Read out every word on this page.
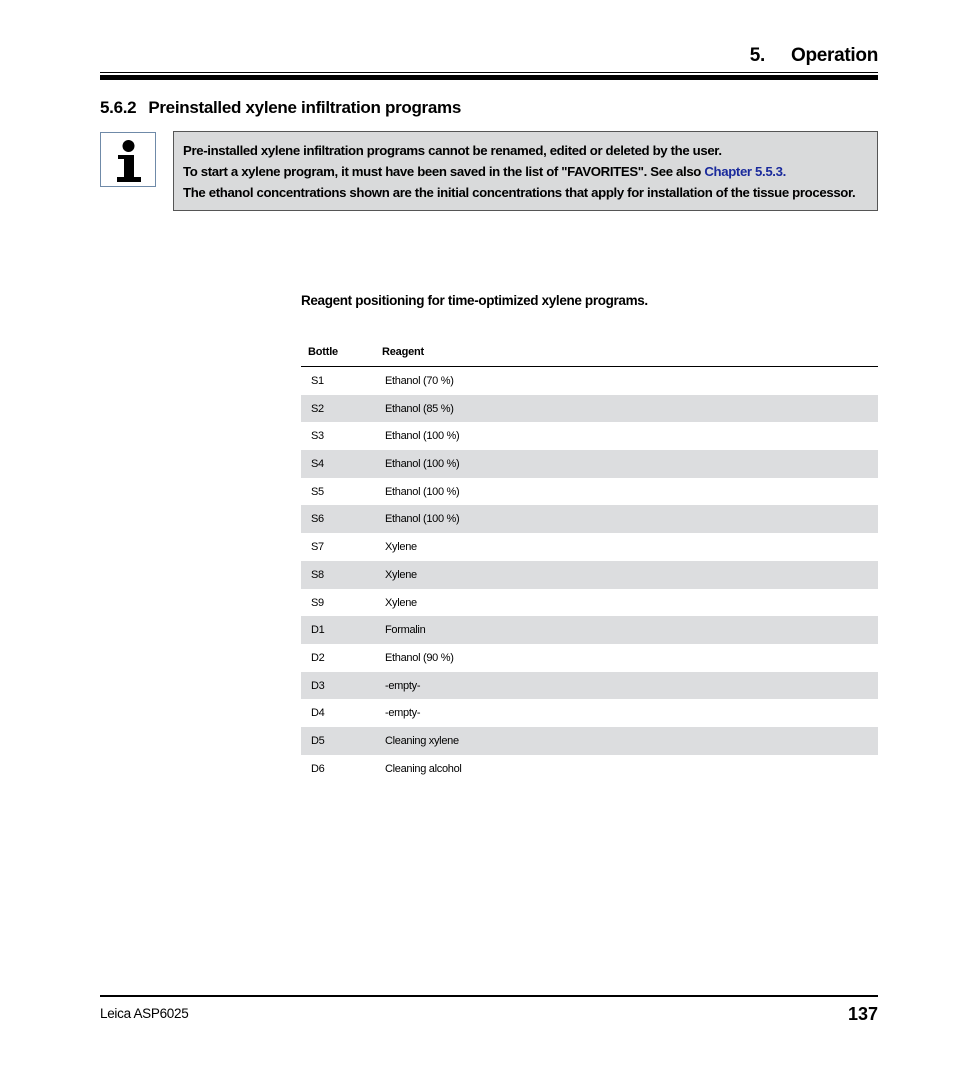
5. Operation
5.6.2 Preinstalled xylene infiltration programs
Pre-installed xylene infiltration programs cannot be renamed, edited or deleted by the user.
To start a xylene program, it must have been saved in the list of "FAVORITES". See also Chapter 5.5.3.
The ethanol concentrations shown are the initial concentrations that apply for installation of the tissue processor.
Reagent positioning for time-optimized xylene programs.
Bottle	Reagent
S1	Ethanol (70 %)
S2	Ethanol (85 %)
S3	Ethanol (100 %)
S4	Ethanol (100 %)
S5	Ethanol (100 %)
S6	Ethanol (100 %)
S7	Xylene
S8	Xylene
S9	Xylene
D1	Formalin
D2	Ethanol (90 %)
D3	-empty-
D4	-empty-
D5	Cleaning xylene
D6	Cleaning alcohol
Leica ASP6025	137
